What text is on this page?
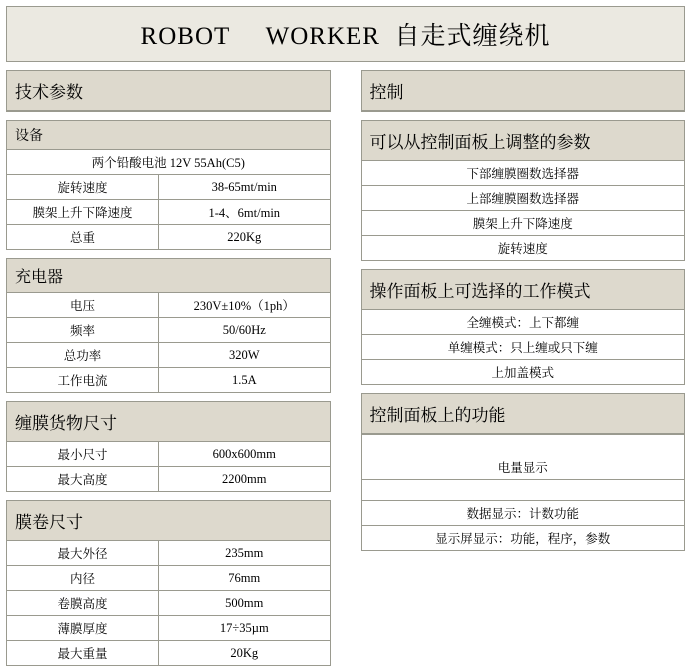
ROBOT     WORKER  自走式缠绕机
技术参数
设备
两个铅酸电池 12V 55Ah(C5)	
旋转速度	38-65mt/min
膜架上升下降速度	1-4、6mt/min
总重	220Kg
充电器
电压	230V±10%（1ph）
频率	50/60Hz
总功率	320W
工作电流	1.5A
缠膜货物尺寸
最小尺寸	600x600mm
最大高度	2200mm
膜卷尺寸
最大外径	235mm
内径	76mm
卷膜高度	500mm
薄膜厚度	17÷35µm
最大重量	20Kg
控制
可以从控制面板上调整的参数
下部缠膜圈数选择器
上部缠膜圈数选择器
膜架上升下降速度
旋转速度
操作面板上可选择的工作模式
全缠模式：上下都缠
单缠模式：只上缠或只下缠
上加盖模式
控制面板上的功能
电量显示
数据显示：计数功能
显示屏显示：功能，程序，参数
